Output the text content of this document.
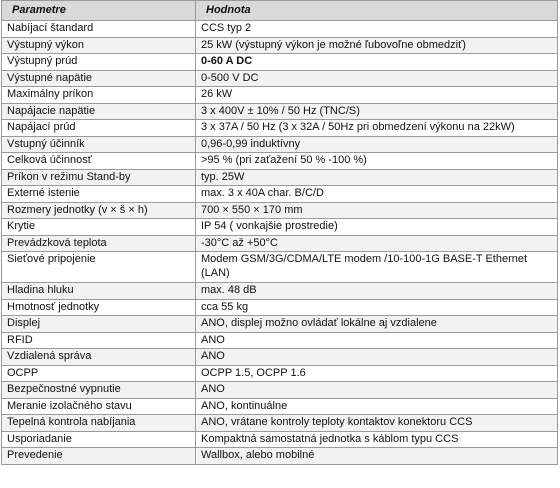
Parametre	Hodnota
Nabíjací štandard	CCS typ 2
Výstupný výkon	25 kW (výstupný výkon je možné ľubovoľne obmedziť)
Výstupný prúd	0-60 A DC
Výstupné napätie	0-500 V DC
Maximálny príkon	26 kW
Napájacie napätie	3 x 400V ± 10% / 50 Hz (TNC/S)
Napájací prúd	3 x 37A / 50 Hz (3 x 32A / 50Hz pri obmedzení výkonu na 22kW)
Vstupný účinník	0,96-0,99 induktívny
Celková účinnosť	>95 % (pri zaťažení 50 % -100 %)
Príkon v režimu Stand-by	typ. 25W
Externé istenie	max. 3 x 40A char. B/C/D
Rozmery jednotky (v × š × h)	700 × 550 × 170 mm
Krytie	IP 54 ( vonkajšie prostredie)
Prevádzková teplota	-30°C až +50°C
Sieťové pripojenie	Modem GSM/3G/CDMA/LTE modem /10-100-1G BASE-T Ethernet (LAN)
Hladina hluku	max. 48 dB
Hmotnosť jednotky	cca 55 kg
Displej	ANO, displej možno ovládať lokálne aj vzdialene
RFID	ANO
Vzdialená správa	ANO
OCPP	OCPP 1.5, OCPP 1.6
Bezpečnostné vypnutie	ANO
Meranie izolačného stavu	ANO, kontinuálne
Tepelná kontrola nabíjania	ANO, vrátane kontroly teploty kontaktov konektoru CCS
Usporiadanie	Kompaktná samostatná jednotka s káblom typu CCS
Prevedenie	Wallbox, alebo mobilné
